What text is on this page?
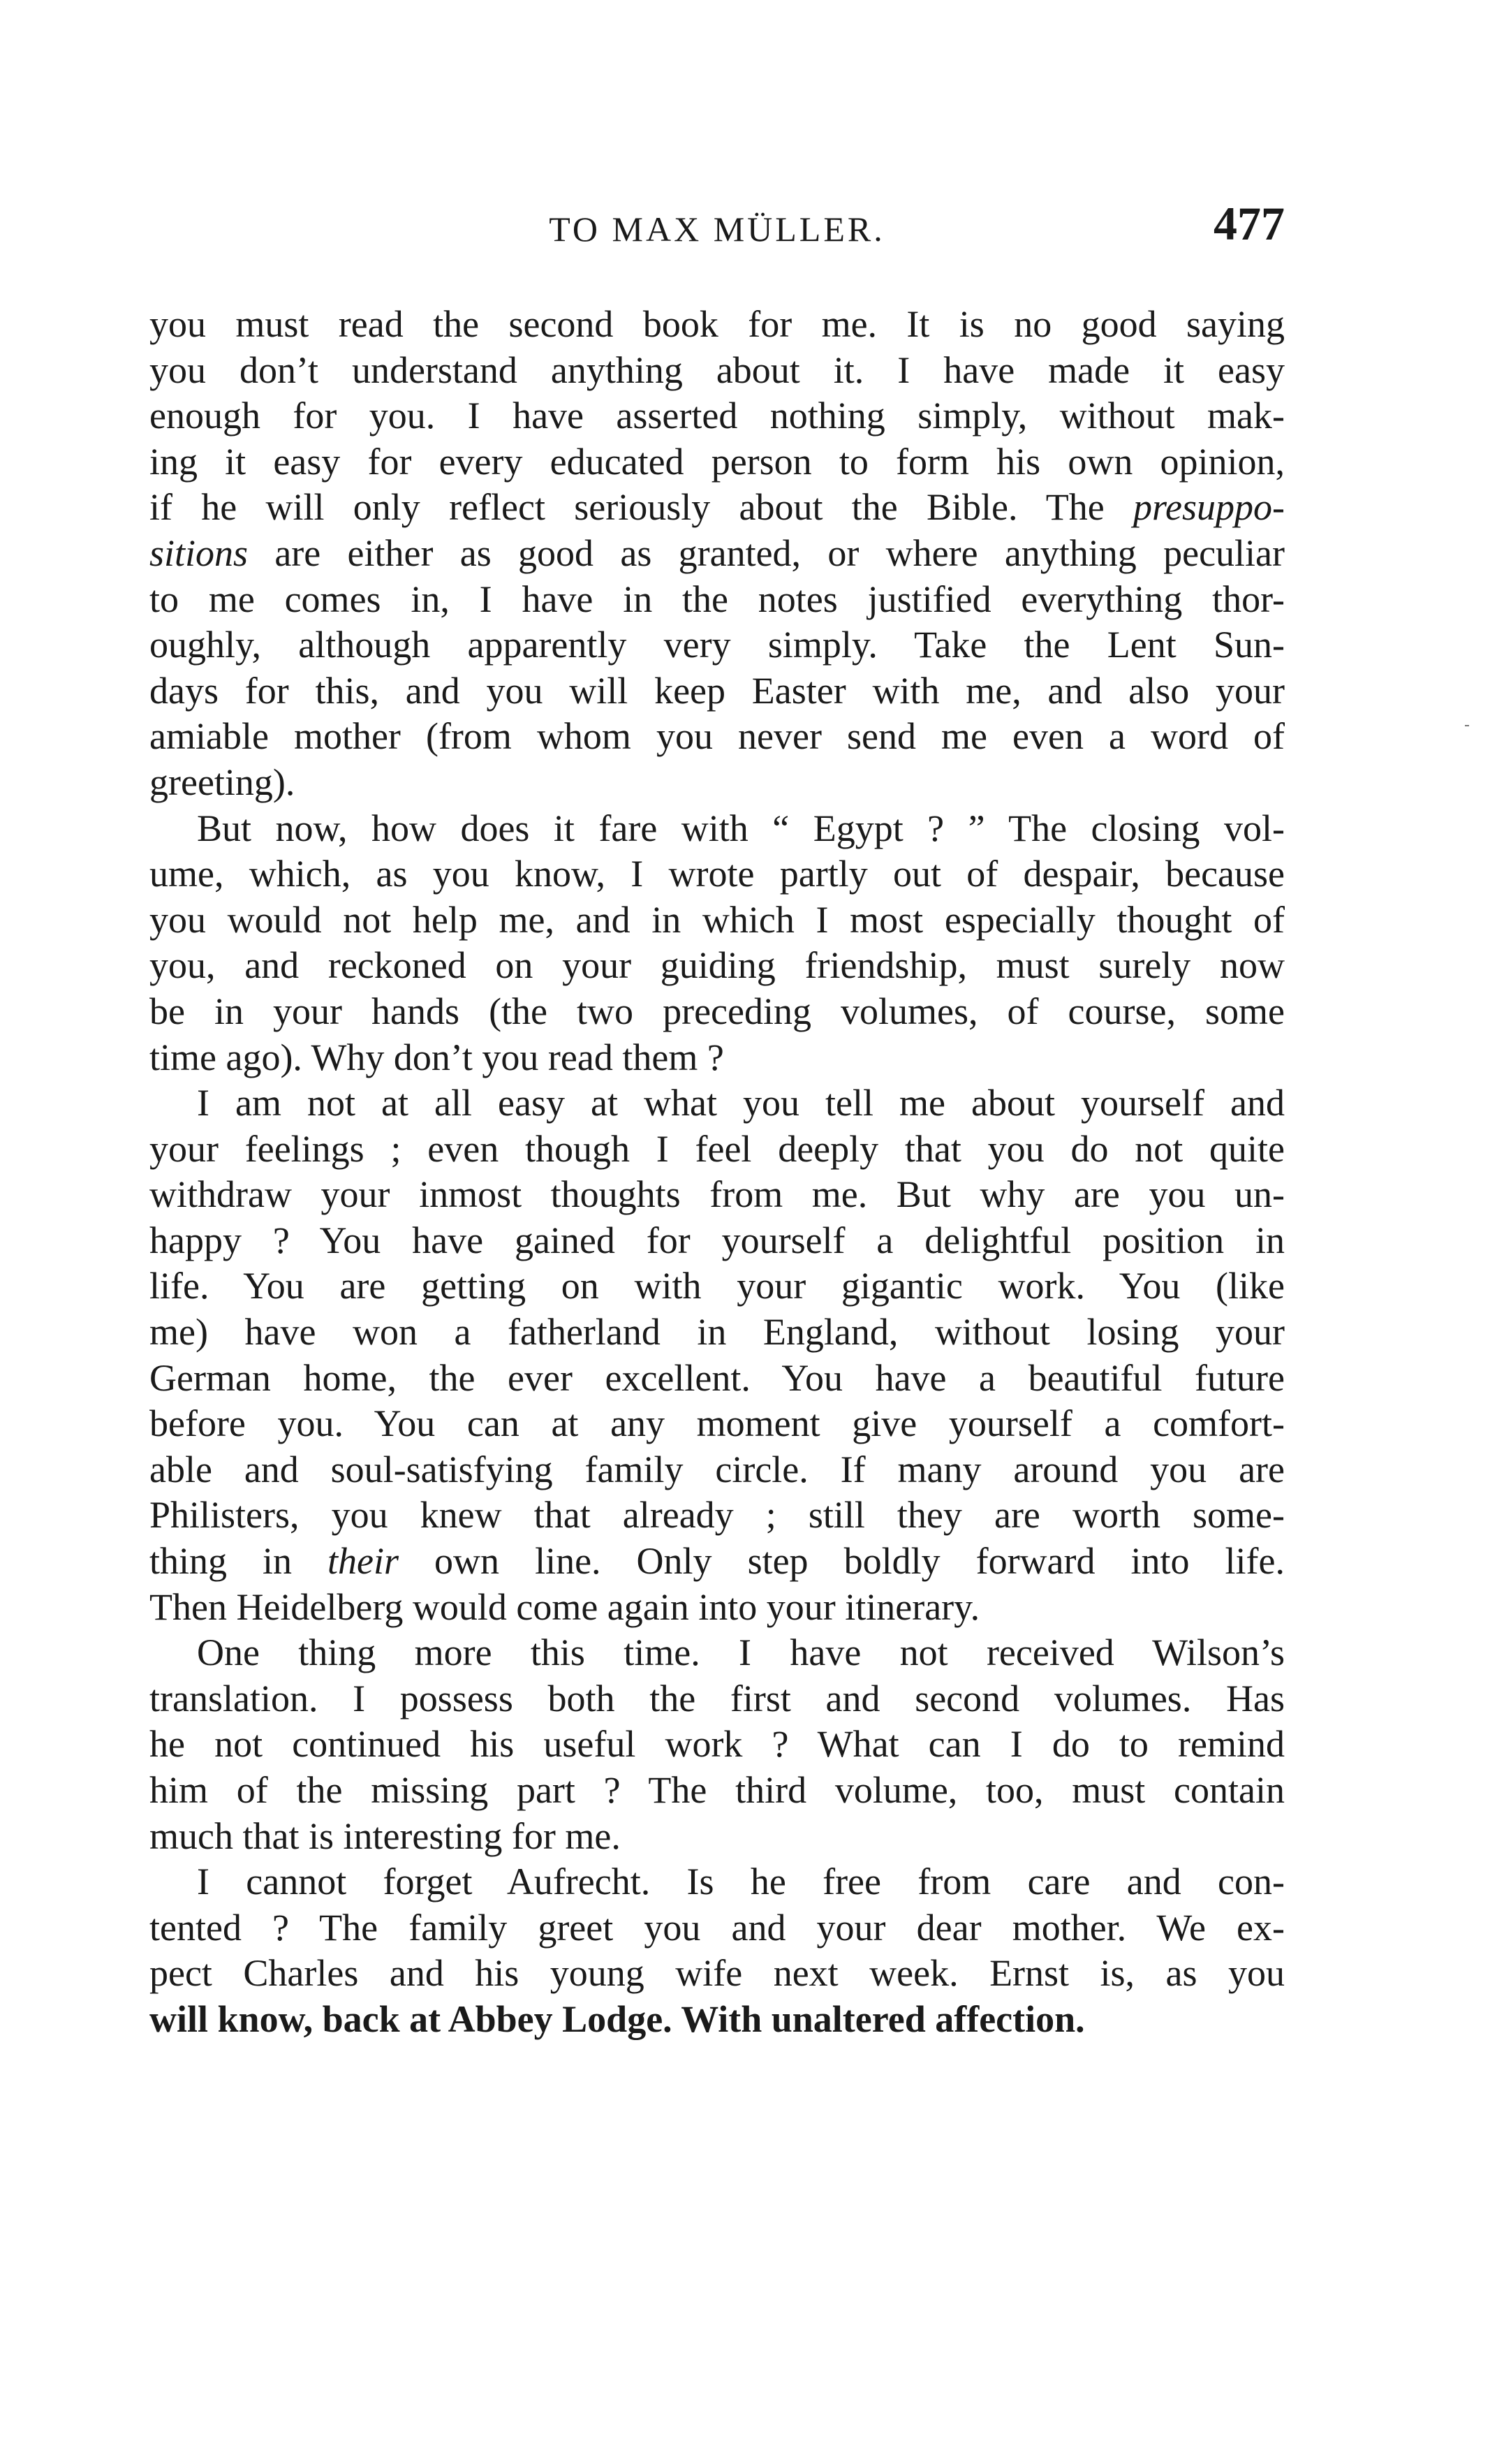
TO MAX MÜLLER.	477
you must read the second book for me. It is no good saying
you don’t understand anything about it. I have made it easy
enough for you. I have asserted nothing simply, without mak-
ing it easy for every educated person to form his own opinion,
if he will only reflect seriously about the Bible. The presuppo-
sitions are either as good as granted, or where anything peculiar
to me comes in, I have in the notes justified everything thor-
oughly, although apparently very simply. Take the Lent Sun-
days for this, and you will keep Easter with me, and also your
amiable mother (from whom you never send me even a word of
greeting).
But now, how does it fare with “ Egypt ? ” The closing vol-
ume, which, as you know, I wrote partly out of despair, because
you would not help me, and in which I most especially thought of
you, and reckoned on your guiding friendship, must surely now
be in your hands (the two preceding volumes, of course, some
time ago). Why don’t you read them ?
I am not at all easy at what you tell me about yourself and
your feelings ; even though I feel deeply that you do not quite
withdraw your inmost thoughts from me. But why are you un-
happy ? You have gained for yourself a delightful position in
life. You are getting on with your gigantic work. You (like
me) have won a fatherland in England, without losing your
German home, the ever excellent. You have a beautiful future
before you. You can at any moment give yourself a comfort-
able and soul-satisfying family circle. If many around you are
Philisters, you knew that already ; still they are worth some-
thing in their own line. Only step boldly forward into life.
Then Heidelberg would come again into your itinerary.
One thing more this time. I have not received Wilson’s
translation. I possess both the first and second volumes. Has
he not continued his useful work ? What can I do to remind
him of the missing part ? The third volume, too, must contain
much that is interesting for me.
I cannot forget Aufrecht. Is he free from care and con-
tented ? The family greet you and your dear mother. We ex-
pect Charles and his young wife next week. Ernst is, as you
will know, back at Abbey Lodge. With unaltered affection.
